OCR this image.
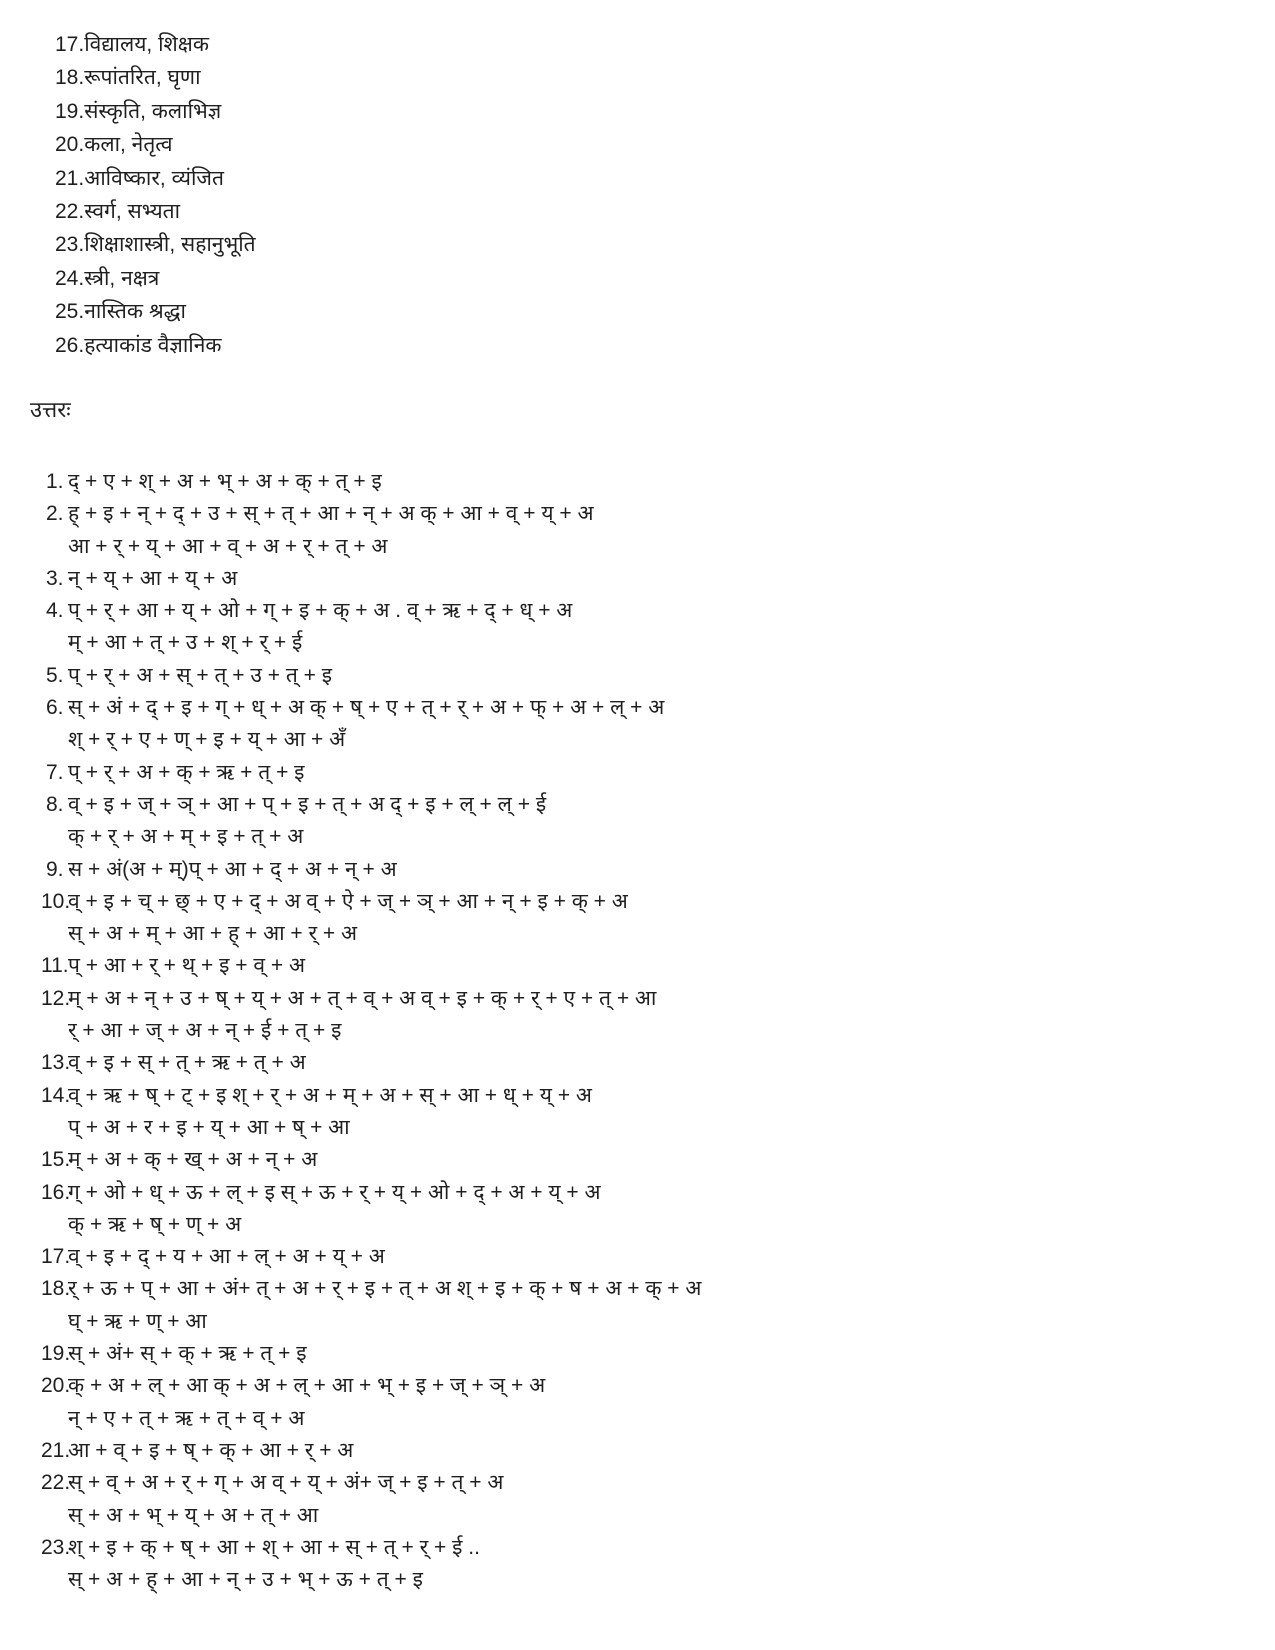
17.विद्यालय, शिक्षक
18.रूपांतरित, घृणा
19.संस्कृति, कलाभिज्ञ
20.कला, नेतृत्व
21.आविष्कार, व्यंजित
22.स्वर्ग, सभ्यता
23.शिक्षाशास्त्री, सहानुभूति
24.स्त्री, नक्षत्र
25.नास्तिक श्रद्धा
26.हत्याकांड वैज्ञानिक
उत्तरः
1. द् + ए + श् + अ + भ् + अ + क् + त् + इ
2. ह् + इ + न् + द् + उ + स् + त् + आ + न् + अ क् + आ + व् + य् + अ
आ + र् + य् + आ + व् + अ + र् + त् + अ
3. न् + य् + आ + य् + अ
4. प् + र् + आ + य् + ओ + ग् + इ + क् + अ . व् + ऋ + द् + ध् + अ
म् + आ + त् + उ + श् + र् + ई
5. प् + र् + अ + स् + त् + उ + त् + इ
6. स् + अं + द् + इ + ग् + ध् + अ क् + ष् + ए + त् + र् + अ + फ् + अ + ल् + अ
श् + र् + ए + ण् + इ + य् + आ + अँ
7. प् + र् + अ + क् + ऋ + त् + इ
8. व् + इ + ज् + ञ् + आ + प् + इ + त् + अ द् + इ + ल् + ल् + ई
क् + र् + अ + म् + इ + त् + अ
9. स + अं(अ + म्)प् + आ + द् + अ + न् + अ
10.व् + इ + च् + छ् + ए + द् + अ व् + ऐ + ज् + ञ् + आ + न् + इ + क् + अ
स् + अ + म् + आ + ह् + आ + र् + अ
11.प् + आ + र् + थ् + इ + व् + अ
12.म् + अ + न् + उ + ष् + य् + अ + त् + व् + अ व् + इ + क् + र् + ए + त् + आ
र् + आ + ज् + अ + न् + ई + त् + इ
13.व् + इ + स् + त् + ऋ + त् + अ
14.व् + ऋ + ष् + ट् + इ श् + र् + अ + म् + अ + स् + आ + ध् + य् + अ
प् + अ + र + इ + य् + आ + ष् + आ
15.म् + अ + क् + ख् + अ + न् + अ
16.ग् + ओ + ध् + ऊ + ल् + इ स् + ऊ + र् + य् + ओ + द् + अ + य् + अ
क् + ऋ + ष् + ण् + अ
17.व् + इ + द् + य + आ + ल् + अ + य् + अ
18.र् + ऊ + प् + आ + अं+ त् + अ + र् + इ + त् + अ श् + इ + क् + ष + अ + क् + अ
घ् + ऋ + ण् + आ
19.स् + अं+ स् + क् + ऋ + त् + इ
20.क् + अ + ल् + आ क् + अ + ल् + आ + भ् + इ + ज् + ञ् + अ
न् + ए + त् + ऋ + त् + व् + अ
21.आ + व् + इ + ष् + क् + आ + र् + अ
22.स् + व् + अ + र् + ग् + अ व् + य् + अं+ ज् + इ + त् + अ
स् + अ + भ् + य् + अ + त् + आ
23.श् + इ + क् + ष् + आ + श् + आ + स् + त् + र् + ई ..
स् + अ + ह् + आ + न् + उ + भ् + ऊ + त् + इ
